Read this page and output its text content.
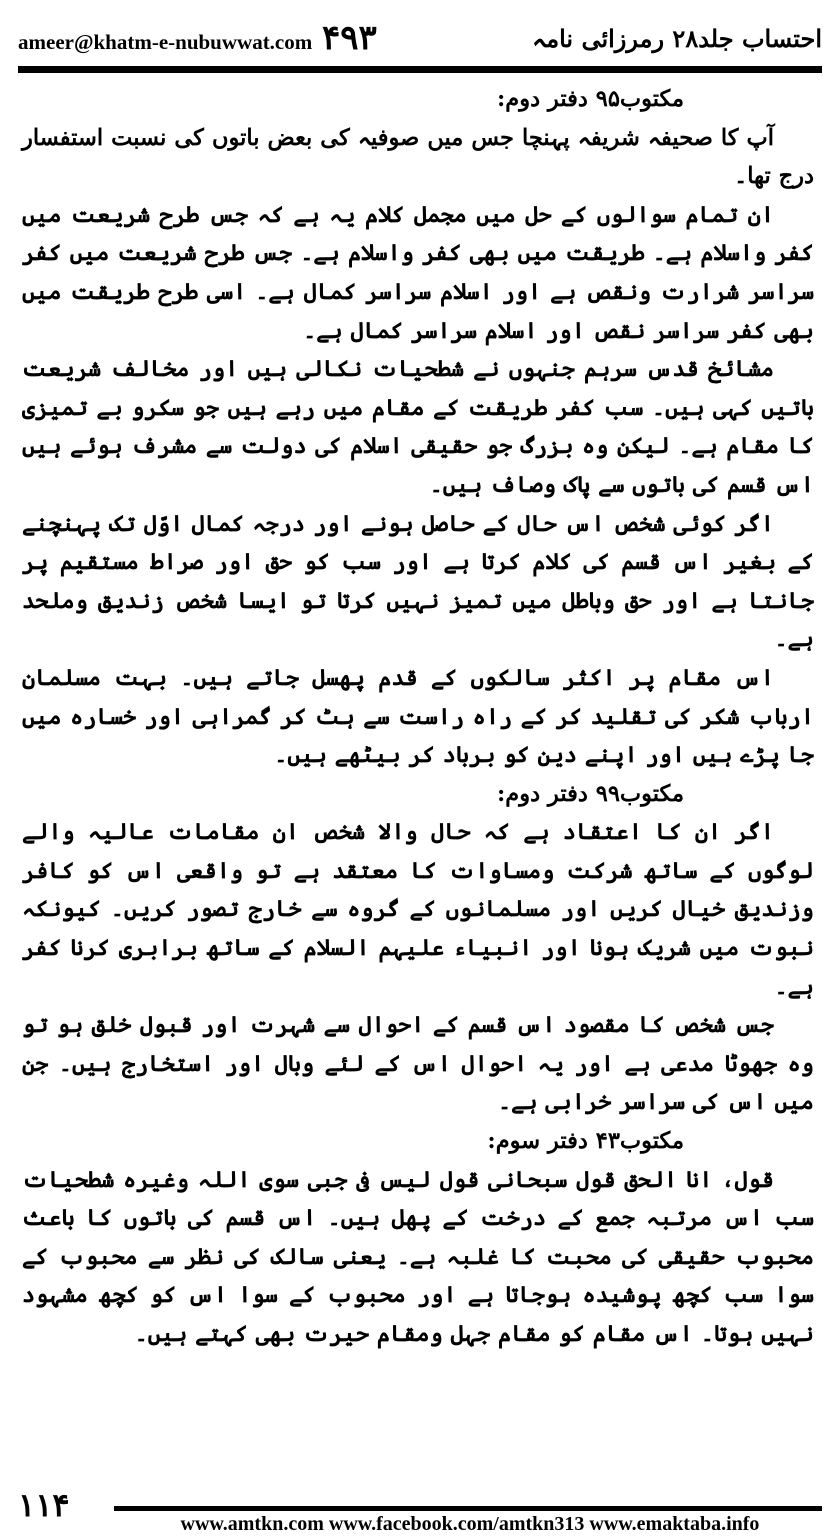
ameer@khatm-e-nubuwwat.com ۴۹۳	احتساب جلد۲۸ رمرزائی نامہ

مکتوب۹۵ دفتر دوم:

آپ کا صحیفہ شریفہ پہنچا جس میں صوفیہ کی بعض باتوں کی نسبت استفسار درج تھا۔

ان تمام سوالوں کے حل میں مجمل کلام یہ ہے کہ جس طرح شریعت میں کفر واسلام ہے۔ طریقت میں بھی کفر واسلام ہے۔ جس طرح شریعت میں کفر سراسر شرارت ونقص ہے اور اسلام سراسر کمال ہے۔ اسی طرح طریقت میں بھی کفر سراسر نقص اور اسلام سراسر کمال ہے۔

مشائخ قدس سرہم جنہوں نے شطحیات نکالی ہیں اور مخالف شریعت باتیں کہی ہیں۔ سب کفر طریقت کے مقام میں رہے ہیں جو سکرو بے تمیزی کا مقام ہے۔ لیکن وہ بزرگ جو حقیقی اسلام کی دولت سے مشرف ہوئے ہیں اس قسم کی باتوں سے پاک وصاف ہیں۔

اگر کوئی شخص اس حال کے حاصل ہونے اور درجہ کمال اوّل تک پہنچنے کے بغیر اس قسم کی کلام کرتا ہے اور سب کو حق اور صراط مستقیم پر جانتا ہے اور حق وباطل میں تمیز نہیں کرتا تو ایسا شخص زندیق وملحد ہے۔

اس مقام پر اکثر سالکوں کے قدم پھسل جاتے ہیں۔ بہت مسلمان ارباب شکر کی تقلید کر کے راہ راست سے ہٹ کر گمراہی اور خسارہ میں جا پڑے ہیں اور اپنے دین کو برباد کر بیٹھے ہیں۔

مکتوب۹۹ دفتر دوم:

اگر ان کا اعتقاد ہے کہ حال والا شخص ان مقامات عالیہ والے لوگوں کے ساتھ شرکت ومساوات کا معتقد ہے تو واقعی اس کو کافر وزندیق خیال کریں اور مسلمانوں کے گروہ سے خارج تصور کریں۔ کیونکہ نبوت میں شریک ہونا اور انبیاء علیہم السلام کے ساتھ برابری کرنا کفر ہے۔

جس شخص کا مقصود اس قسم کے احوال سے شہرت اور قبول خلق ہو تو وہ جھوٹا مدعی ہے اور یہ احوال اس کے لئے وبال اور استخارج ہیں۔ جن میں اس کی سراسر خرابی ہے۔

مکتوب۴۳ دفتر سوم:

قول، انا الحق قول سبحانی قول لیس فی جبی سوی اللہ وغیرہ شطحیات سب اس مرتبہ جمع کے درخت کے پھل ہیں۔ اس قسم کی باتوں کا باعث محبوب حقیقی کی محبت کا غلبہ ہے۔ یعنی سالک کی نظر سے محبوب کے سوا سب کچھ پوشیدہ ہوجاتا ہے اور محبوب کے سوا اس کو کچھ مشہود نہیں ہوتا۔ اس مقام کو مقام جہل ومقام حیرت بھی کہتے ہیں۔

۱۱۴	www.amtkn.com www.facebook.com/amtkn313 www.emaktaba.info
